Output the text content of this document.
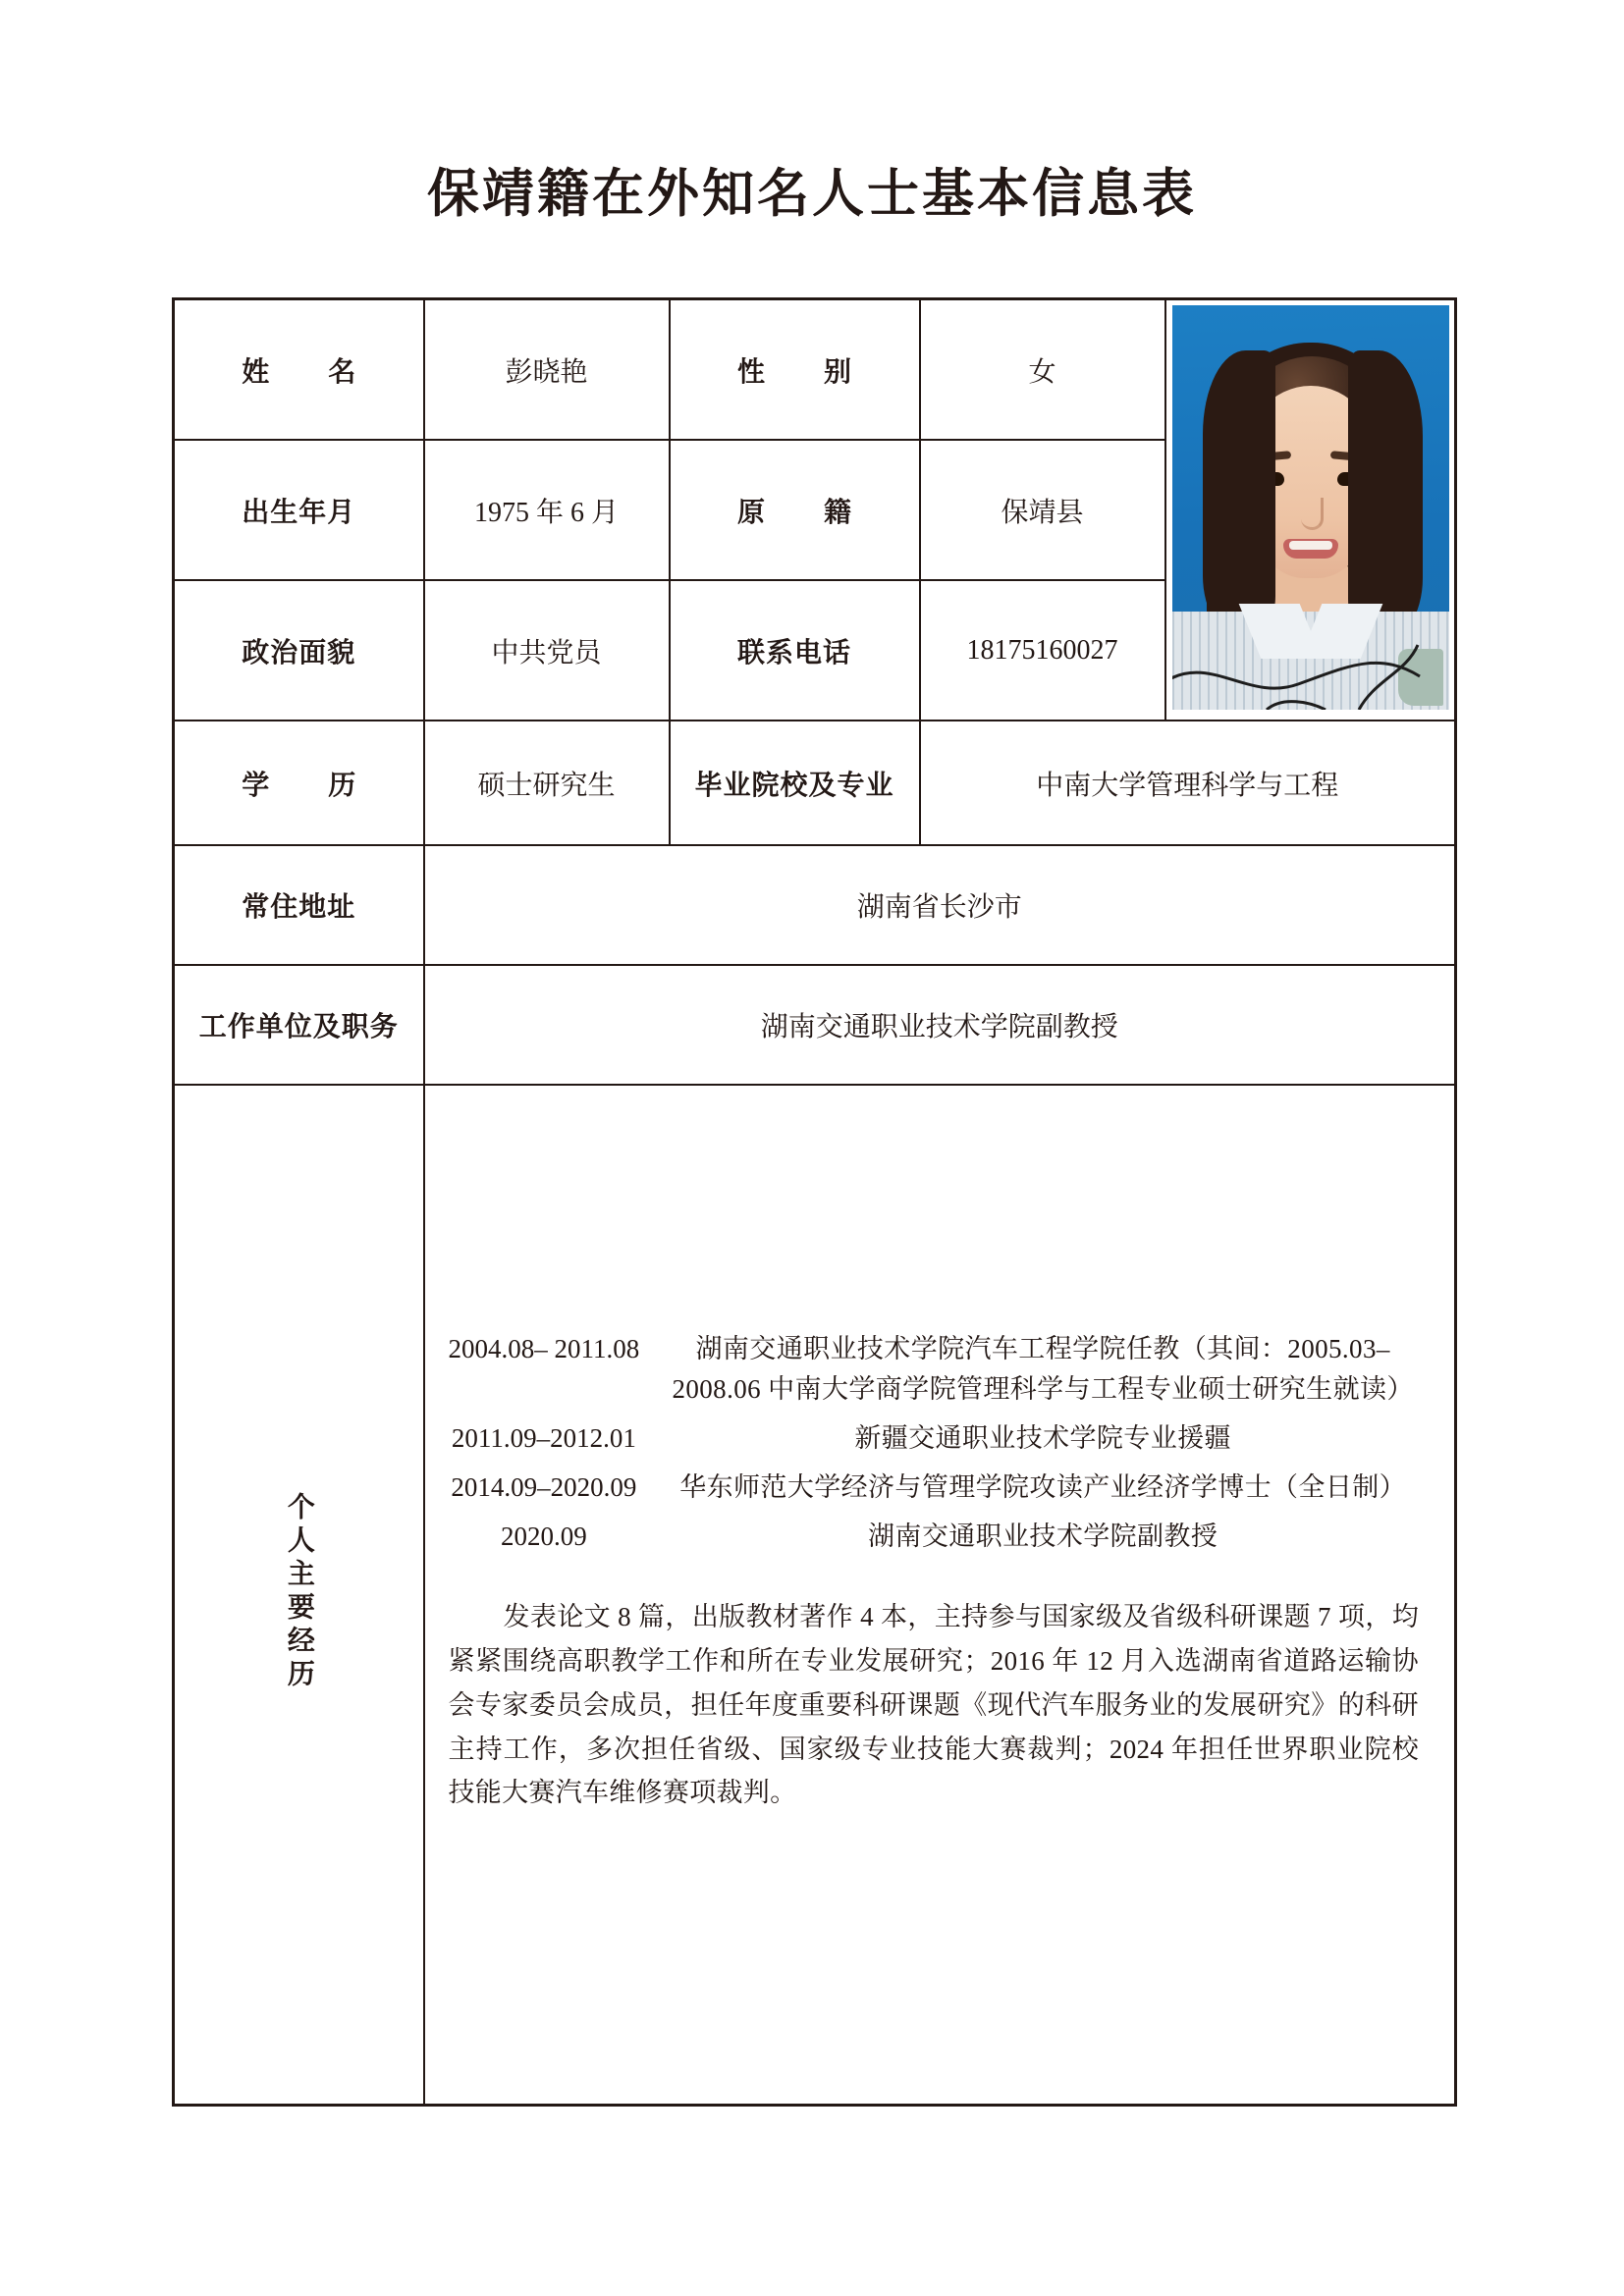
保靖籍在外知名人士基本信息表
姓　名	彭晓艳	性　别	女	

出生年月	1975 年 6 月	原　籍	保靖县	
政治面貌	中共党员	联系电话	18175160027	
学　历	硕士研究生	毕业院校及专业	中南大学管理科学与工程	
常住地址	湖南省长沙市			
工作单位及职务	湖南交通职业技术学院副教授			
个人主要经历	2004.08– 2011.08	湖南交通职业技术学院汽车工程学院任教（其间：2005.03–2008.06 中南大学商学院管理科学与工程专业硕士研究生就读）
2011.09–2012.01	新疆交通职业技术学院专业援疆
2014.09–2020.09	华东师范大学经济与管理学院攻读产业经济学博士（全日制）
2020.09	湖南交通职业技术学院副教授
发表论文 8 篇，出版教材著作 4 本，主持参与国家级及省级科研课题 7 项，均紧紧围绕高职教学工作和所在专业发展研究；2016 年 12 月入选湖南省道路运输协会专家委员会成员，担任年度重要科研课题《现代汽车服务业的发展研究》的科研主持工作，多次担任省级、国家级专业技能大赛裁判；2024 年担任世界职业院校技能大赛汽车维修赛项裁判。			
